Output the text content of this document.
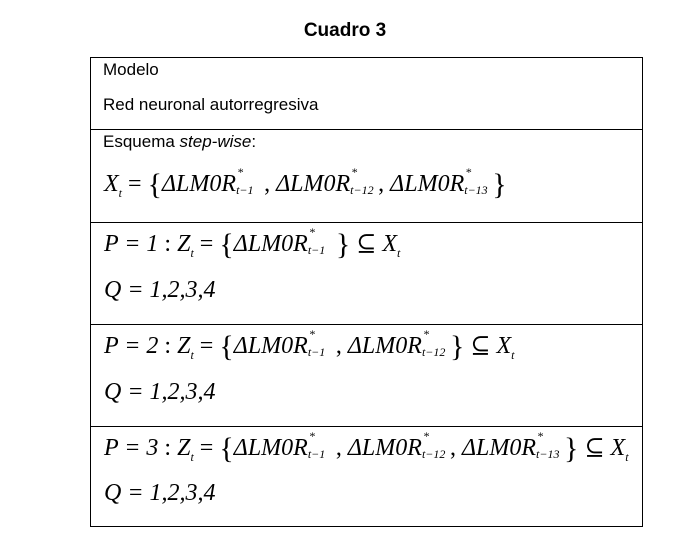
Cuadro 3
Modelo
Red neuronal autorregresiva
Esquema step-wise:
$X_t = \{\Delta LM0R$ *
t−1 , ΔLM0R *
t−12 , ΔLM0R *
t−13 }
P = 1 : $Z_t = \{\Delta LM0R$ *
t−1 } ⊆ $X_t$
Q = 1,2,3,4
P = 2 : $Z_t = \{\Delta LM0R$ *
t−1 , ΔLM0R *
t−12 } ⊆ $X_t$
Q = 1,2,3,4
P = 3 : $Z_t = \{\Delta LM0R$ *
t−1 , ΔLM0R *
t−12 , ΔLM0R *
t−13 } ⊆ $X_t$
Q = 1,2,3,4
